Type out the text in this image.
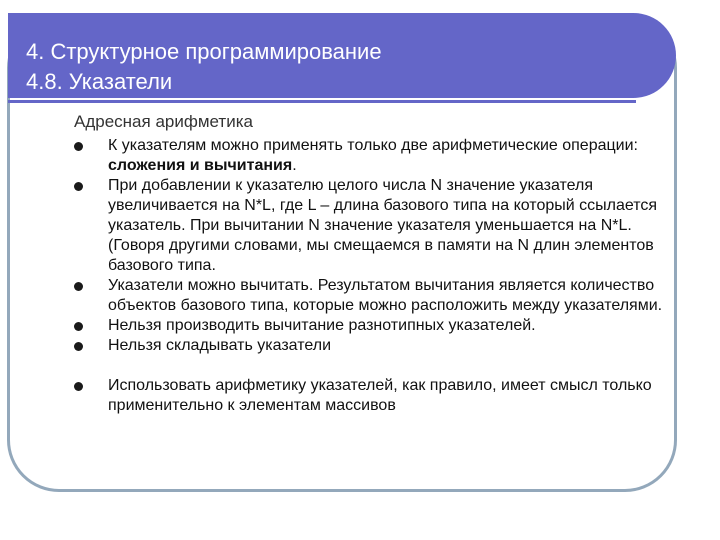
4. Структурное программирование
4.8. Указатели
Адресная арифметика
К указателям можно применять только две арифметические операции: сложения и вычитания.
При добавлении к указателю целого числа N значение указателя увеличивается на N*L, где L – длина базового типа на который ссылается указатель. При вычитании N значение указателя уменьшается на N*L. (Говоря другими словами, мы смещаемся в памяти на N длин элементов базового типа.
Указатели можно вычитать. Результатом вычитания является количество объектов базового типа, которые можно расположить между указателями.
Нельзя производить вычитание разнотипных указателей.
Нельзя складывать указатели
Использовать арифметику указателей, как правило, имеет смысл только применительно к элементам массивов
